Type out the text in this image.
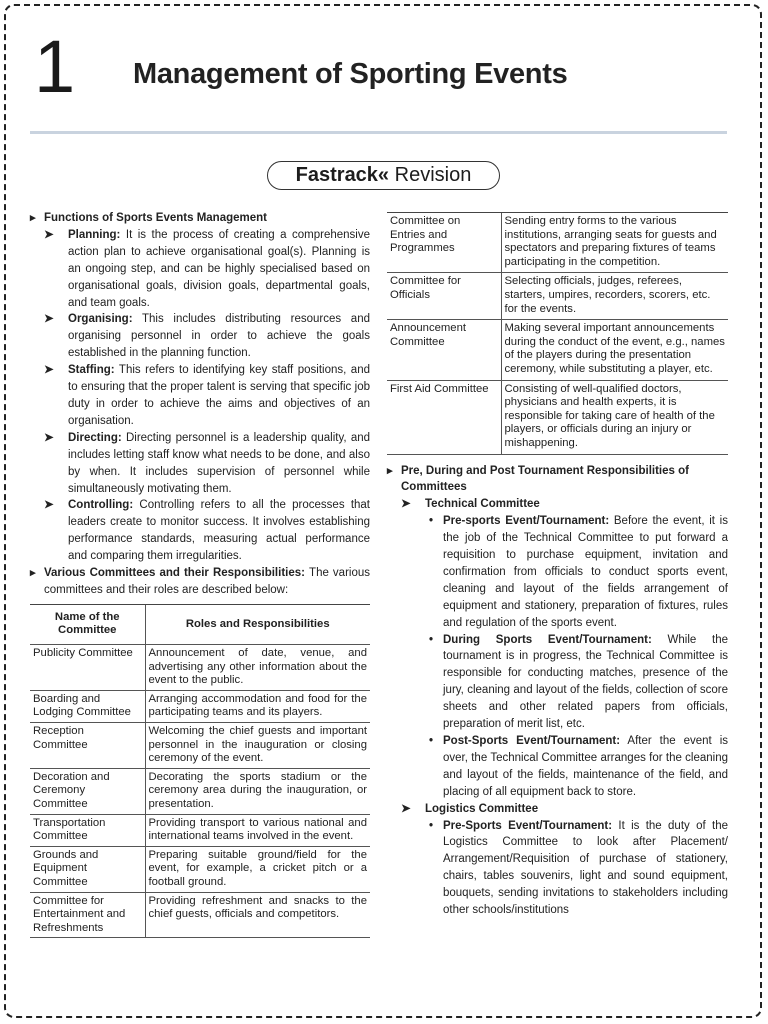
1 Management of Sporting Events
Fastrack« Revision
▸ Functions of Sports Events Management
➤ Planning: It is the process of creating a comprehensive action plan to achieve organisational goal(s). Planning is an ongoing step, and can be highly specialised based on organisational goals, division goals, departmental goals, and team goals.
➤ Organising: This includes distributing resources and organising personnel in order to achieve the goals established in the planning function.
➤ Staffing: This refers to identifying key staff positions, and to ensuring that the proper talent is serving that specific job duty in order to achieve the aims and objectives of an organisation.
➤ Directing: Directing personnel is a leadership quality, and includes letting staff know what needs to be done, and also by when. It includes supervision of personnel while simultaneously motivating them.
➤ Controlling: Controlling refers to all the processes that leaders create to monitor success. It involves establishing performance standards, measuring actual performance and comparing them irregularities.
▸ Various Committees and their Responsibilities: The various committees and their roles are described below:
Name of the Committee	Roles and Responsibilities
Publicity Committee	Announcement of date, venue, and advertising any other information about the event to the public.
Boarding and Lodging Committee	Arranging accommodation and food for the participating teams and its players.
Reception Committee	Welcoming the chief guests and important personnel in the inauguration or closing ceremony of the event.
Decoration and Ceremony Committee	Decorating the sports stadium or the ceremony area during the inauguration, or presentation.
Transportation Committee	Providing transport to various national and international teams involved in the event.
Grounds and Equipment Committee	Preparing suitable ground/field for the event, for example, a cricket pitch or a football ground.
Committee for Entertainment and Refreshments	Providing refreshment and snacks to the chief guests, officials and competitors.
Committee on Entries and Programmes	Sending entry forms to the various institutions, arranging seats for guests and spectators and preparing fixtures of teams participating in the competition.
Committee for Officials	Selecting officials, judges, referees, starters, umpires, recorders, scorers, etc. for the events.
Announcement Committee	Making several important announcements during the conduct of the event, e.g., names of the players during the presentation ceremony, while substituting a player, etc.
First Aid Committee	Consisting of well-qualified doctors, physicians and health experts, it is responsible for taking care of health of the players, or officials during an injury or mishappening.
▸ Pre, During and Post Tournament Responsibilities of Committees
➤ Technical Committee
• Pre-sports Event/Tournament: Before the event, it is the job of the Technical Committee to put forward a requisition to purchase equipment, invitation and confirmation from officials to conduct sports event, cleaning and layout of the fields arrangement of equipment and stationery, preparation of fixtures, rules and regulation of the sports event.
• During Sports Event/Tournament: While the tournament is in progress, the Technical Committee is responsible for conducting matches, presence of the jury, cleaning and layout of the fields, collection of score sheets and other related papers from officials, preparation of merit list, etc.
• Post-Sports Event/Tournament: After the event is over, the Technical Committee arranges for the cleaning and layout of the fields, maintenance of the field, and placing of all equipment back to store.
➤ Logistics Committee
• Pre-Sports Event/Tournament: It is the duty of the Logistics Committee to look after Placement/ Arrangement/Requisition of purchase of stationery, chairs, tables souvenirs, light and sound equipment, bouquets, sending invitations to stakeholders including other schools/institutions
